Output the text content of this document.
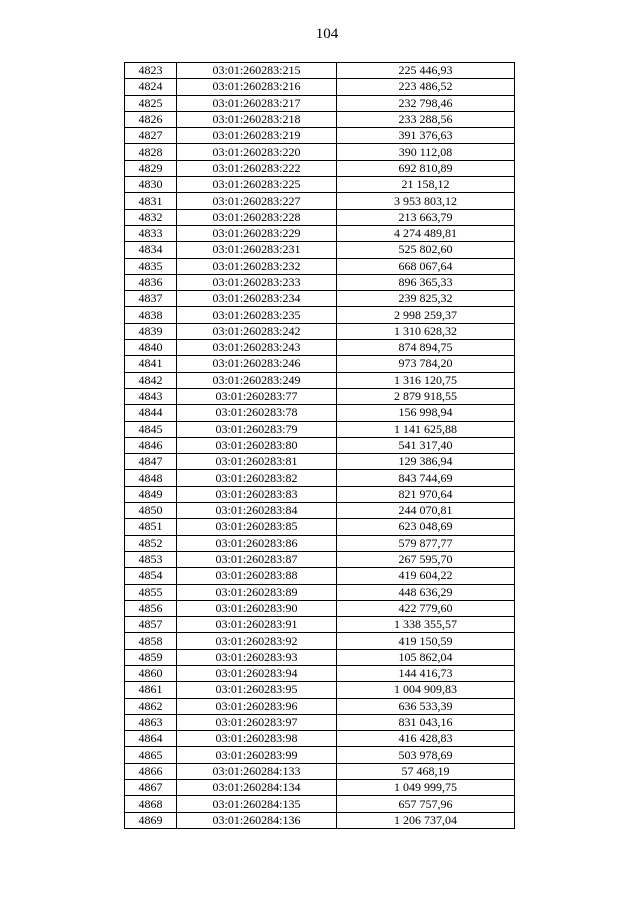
104
4823	03:01:260283:215	225 446,93
4824	03:01:260283:216	223 486,52
4825	03:01:260283:217	232 798,46
4826	03:01:260283:218	233 288,56
4827	03:01:260283:219	391 376,63
4828	03:01:260283:220	390 112,08
4829	03:01:260283:222	692 810,89
4830	03:01:260283:225	21 158,12
4831	03:01:260283:227	3 953 803,12
4832	03:01:260283:228	213 663,79
4833	03:01:260283:229	4 274 489,81
4834	03:01:260283:231	525 802,60
4835	03:01:260283:232	668 067,64
4836	03:01:260283:233	896 365,33
4837	03:01:260283:234	239 825,32
4838	03:01:260283:235	2 998 259,37
4839	03:01:260283:242	1 310 628,32
4840	03:01:260283:243	874 894,75
4841	03:01:260283:246	973 784,20
4842	03:01:260283:249	1 316 120,75
4843	03:01:260283:77	2 879 918,55
4844	03:01:260283:78	156 998,94
4845	03:01:260283:79	1 141 625,88
4846	03:01:260283:80	541 317,40
4847	03:01:260283:81	129 386,94
4848	03:01:260283:82	843 744,69
4849	03:01:260283:83	821 970,64
4850	03:01:260283:84	244 070,81
4851	03:01:260283:85	623 048,69
4852	03:01:260283:86	579 877,77
4853	03:01:260283:87	267 595,70
4854	03:01:260283:88	419 604,22
4855	03:01:260283:89	448 636,29
4856	03:01:260283:90	422 779,60
4857	03:01:260283:91	1 338 355,57
4858	03:01:260283:92	419 150,59
4859	03:01:260283:93	105 862,04
4860	03:01:260283:94	144 416,73
4861	03:01:260283:95	1 004 909,83
4862	03:01:260283:96	636 533,39
4863	03:01:260283:97	831 043,16
4864	03:01:260283:98	416 428,83
4865	03:01:260283:99	503 978,69
4866	03:01:260284:133	57 468,19
4867	03:01:260284:134	1 049 999,75
4868	03:01:260284:135	657 757,96
4869	03:01:260284:136	1 206 737,04
